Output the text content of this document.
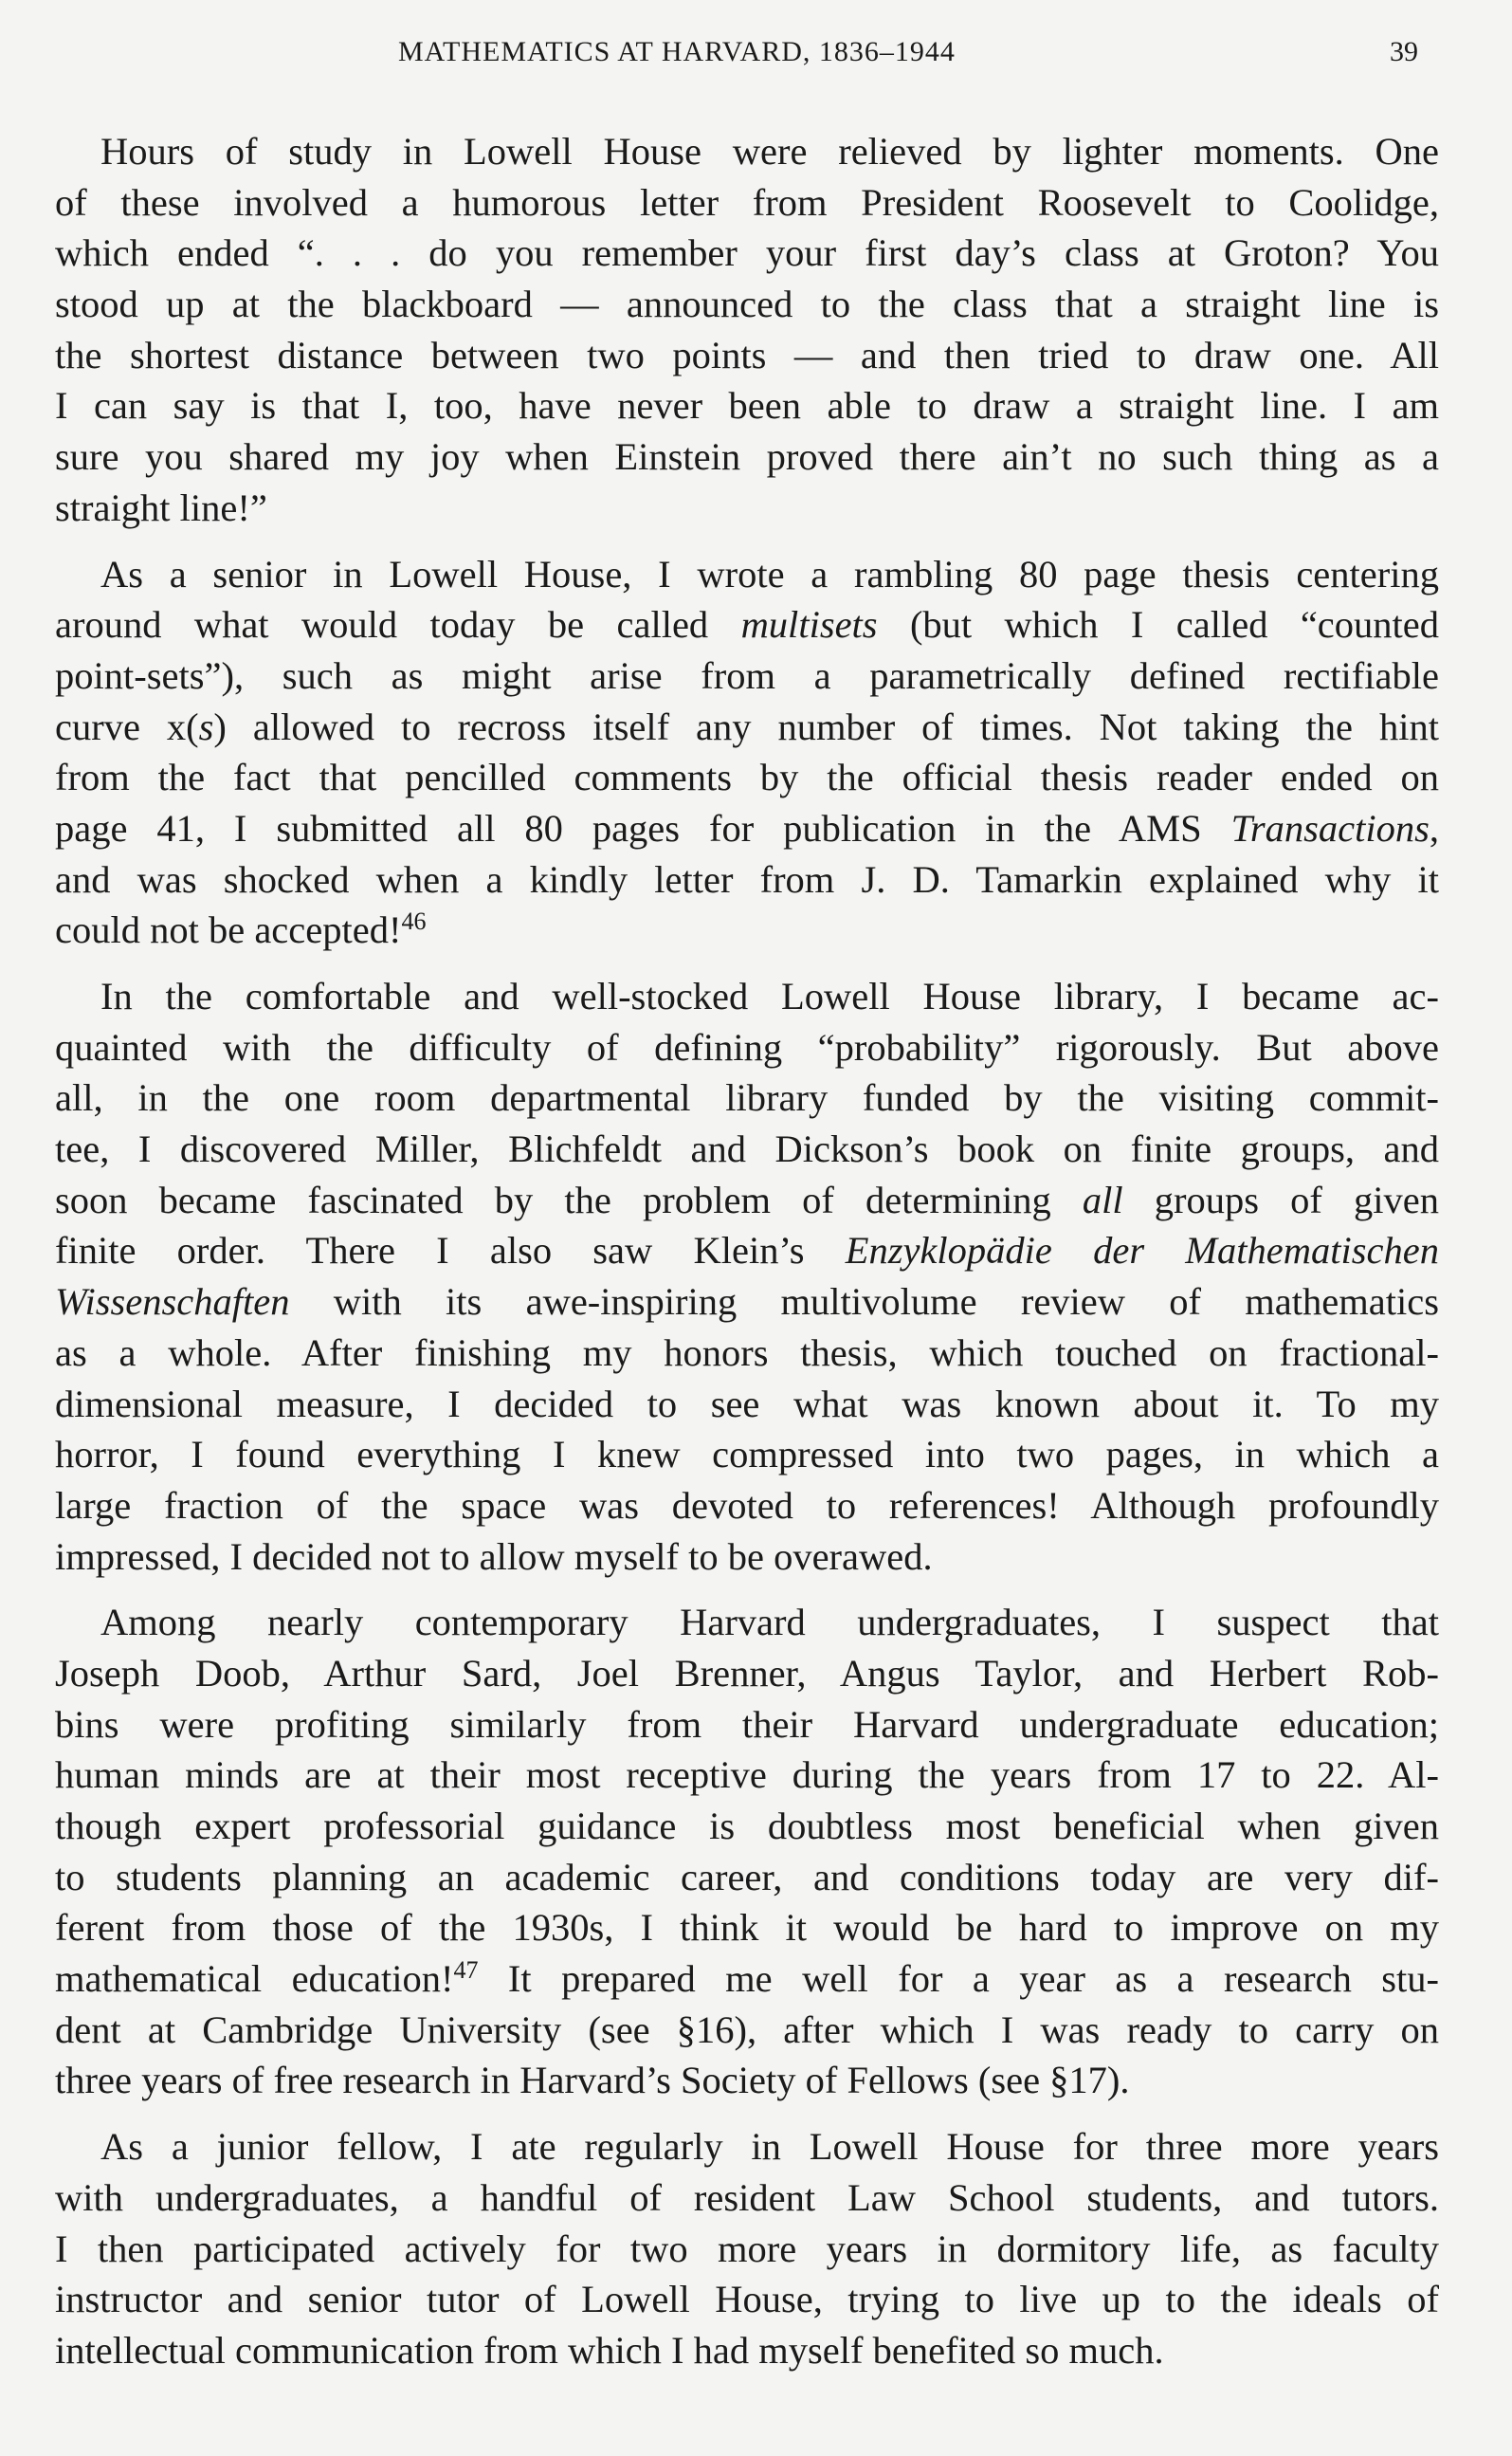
MATHEMATICS AT HARVARD, 1836–1944	39
Hours of study in Lowell House were relieved by lighter moments. One
of these involved a humorous letter from President Roosevelt to Coolidge,
which ended “. . . do you remember your first day’s class at Groton? You
stood up at the blackboard — announced to the class that a straight line is
the shortest distance between two points — and then tried to draw one. All
I can say is that I, too, have never been able to draw a straight line. I am
sure you shared my joy when Einstein proved there ain’t no such thing as a
straight line!”
As a senior in Lowell House, I wrote a rambling 80 page thesis centering
around what would today be called multisets (but which I called “counted
point-sets”), such as might arise from a parametrically defined rectifiable
curve x(s) allowed to recross itself any number of times. Not taking the hint
from the fact that pencilled comments by the official thesis reader ended on
page 41, I submitted all 80 pages for publication in the AMS Transactions,
and was shocked when a kindly letter from J. D. Tamarkin explained why it
could not be accepted!$^{46}$
In the comfortable and well-stocked Lowell House library, I became ac-
quainted with the difficulty of defining “probability” rigorously. But above
all, in the one room departmental library funded by the visiting commit-
tee, I discovered Miller, Blichfeldt and Dickson’s book on finite groups, and
soon became fascinated by the problem of determining all groups of given
finite order. There I also saw Klein’s Enzyklopädie der Mathematischen
Wissenschaften with its awe-inspiring multivolume review of mathematics
as a whole. After finishing my honors thesis, which touched on fractional-
dimensional measure, I decided to see what was known about it. To my
horror, I found everything I knew compressed into two pages, in which a
large fraction of the space was devoted to references! Although profoundly
impressed, I decided not to allow myself to be overawed.
Among nearly contemporary Harvard undergraduates, I suspect that
Joseph Doob, Arthur Sard, Joel Brenner, Angus Taylor, and Herbert Rob-
bins were profiting similarly from their Harvard undergraduate education;
human minds are at their most receptive during the years from 17 to 22. Al-
though expert professorial guidance is doubtless most beneficial when given
to students planning an academic career, and conditions today are very dif-
ferent from those of the 1930s, I think it would be hard to improve on my
mathematical education!$^{47}$ It prepared me well for a year as a research stu-
dent at Cambridge University (see §16), after which I was ready to carry on
three years of free research in Harvard’s Society of Fellows (see §17).
As a junior fellow, I ate regularly in Lowell House for three more years
with undergraduates, a handful of resident Law School students, and tutors.
I then participated actively for two more years in dormitory life, as faculty
instructor and senior tutor of Lowell House, trying to live up to the ideals of
intellectual communication from which I had myself benefited so much.
